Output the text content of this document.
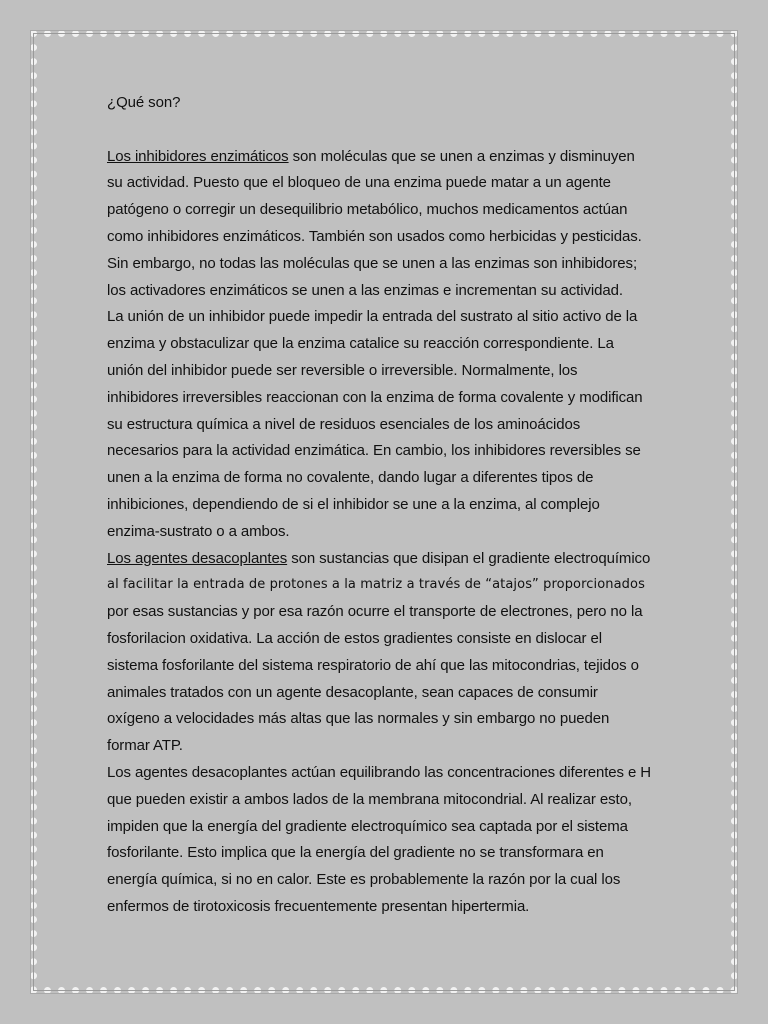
¿Qué son?

Los inhibidores enzimáticos son moléculas que se unen a enzimas y disminuyen
su actividad. Puesto que el bloqueo de una enzima puede matar a un agente
patógeno o corregir un desequilibrio metabólico, muchos medicamentos actúan
como inhibidores enzimáticos. También son usados como herbicidas y pesticidas.
Sin embargo, no todas las moléculas que se unen a las enzimas son inhibidores;
los activadores enzimáticos se unen a las enzimas e incrementan su actividad.

La unión de un inhibidor puede impedir la entrada del sustrato al sitio activo de la
enzima y obstaculizar que la enzima catalice su reacción correspondiente. La
unión del inhibidor puede ser reversible o irreversible. Normalmente, los
inhibidores irreversibles reaccionan con la enzima de forma covalente y modifican
su estructura química a nivel de residuos esenciales de los aminoácidos
necesarios para la actividad enzimática. En cambio, los inhibidores reversibles se
unen a la enzima de forma no covalente, dando lugar a diferentes tipos de
inhibiciones, dependiendo de si el inhibidor se une a la enzima, al complejo
enzima-sustrato o a ambos.

Los agentes desacoplantes son sustancias que disipan el gradiente electroquímico
al facilitar la entrada de protones a la matriz a través de “atajos” proporcionados
por esas sustancias y por esa razón ocurre el transporte de electrones, pero no la
fosforilacion oxidativa. La acción de estos gradientes consiste en dislocar el
sistema fosforilante del sistema respiratorio de ahí que las mitocondrias, tejidos o
animales tratados con un agente desacoplante, sean capaces de consumir
oxígeno a velocidades más altas que las normales y sin embargo no pueden
formar ATP.

Los agentes desacoplantes actúan equilibrando las concentraciones diferentes e H
que pueden existir a ambos lados de la membrana mitocondrial. Al realizar esto,
impiden que la energía del gradiente electroquímico sea captada por el sistema
fosforilante. Esto implica que la energía del gradiente no se transformara en
energía química, si no en calor. Este es probablemente la razón por la cual los
enfermos de tirotoxicosis frecuentemente presentan hipertermia.
